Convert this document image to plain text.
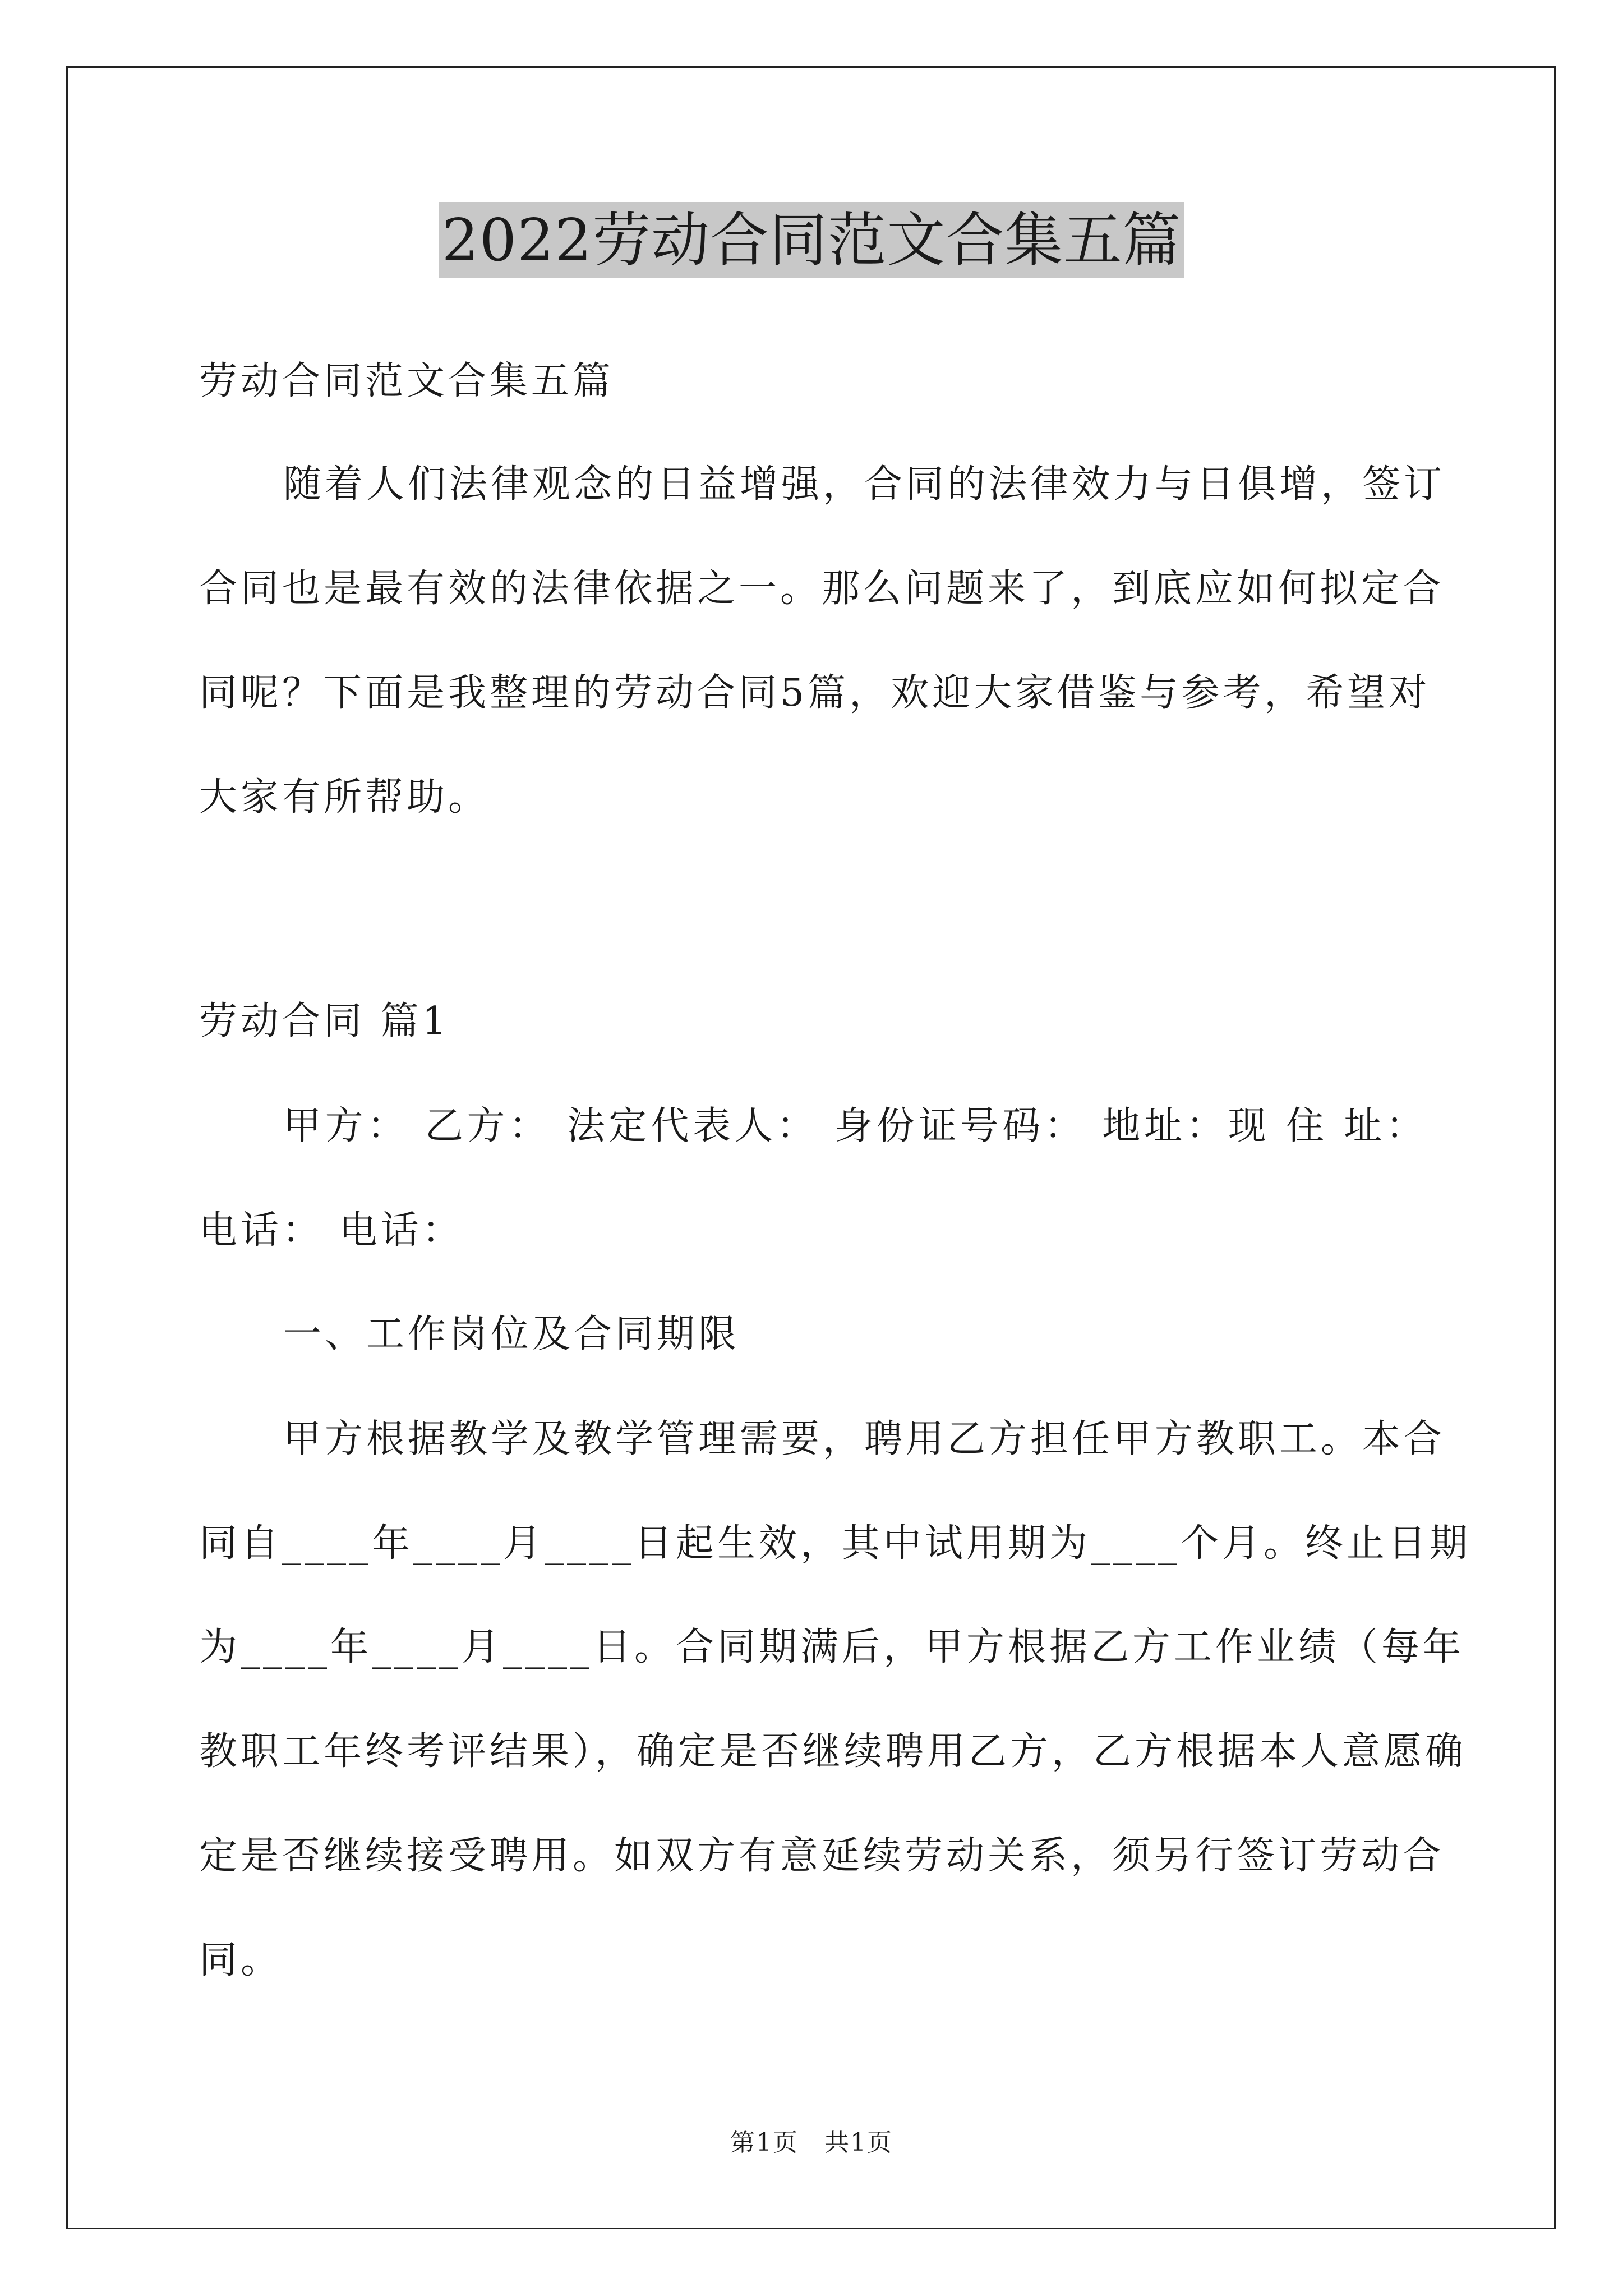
2022劳动合同范文合集五篇
劳动合同范文合集五篇
随着人们法律观念的日益增强，合同的法律效力与日俱增，签订
合同也是最有效的法律依据之一。那么问题来了，到底应如何拟定合
同呢？下面是我整理的劳动合同5篇，欢迎大家借鉴与参考，希望对
大家有所帮助。
劳动合同 篇1
甲方： 乙方： 法定代表人： 身份证号码： 地址：现 住 址：
电话： 电话：
一、工作岗位及合同期限
甲方根据教学及教学管理需要，聘用乙方担任甲方教职工。本合
同自____年____月____日起生效，其中试用期为____个月。终止日期
为____年____月____日。合同期满后，甲方根据乙方工作业绩（每年
教职工年终考评结果），确定是否继续聘用乙方，乙方根据本人意愿确
定是否继续接受聘用。如双方有意延续劳动关系，须另行签订劳动合
同。
第1页　共1页
